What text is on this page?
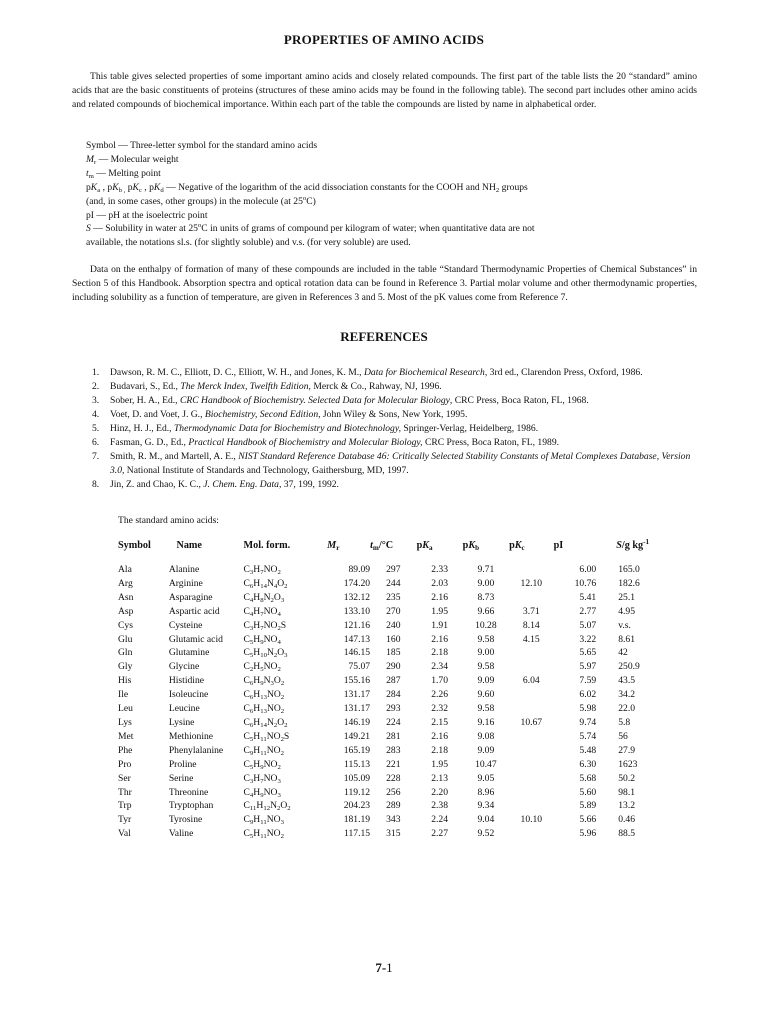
PROPERTIES OF AMINO ACIDS

This table gives selected properties of some important amino acids and closely related compounds. The first part of the table lists the 20 “standard” amino acids that are the basic constituents of proteins (structures of these amino acids may be found in the following table). The second part includes other amino acids and related compounds of biochemical importance. Within each part of the table the compounds are listed by name in alphabetical order.

Symbol — Three-letter symbol for the standard amino acids
$M_r$ — Molecular weight
$t_m$ — Melting point
$pK_a$ , $pK_{b ,}$ $pK_c$ , $pK_d$ — Negative of the logarithm of the acid dissociation constants for the COOH and $NH_2$ groups
(and, in some cases, other groups) in the molecule (at 25$^o$C)
pI — pH at the isoelectric point
S — Solubility in water at 25$^o$C in units of grams of compound per kilogram of water; when quantitative data are not
available, the notations sl.s. (for slightly soluble) and v.s. (for very soluble) are used.

Data on the enthalpy of formation of many of these compounds are included in the table “Standard Thermodynamic Properties of Chemical Substances” in Section 5 of this Handbook. Absorption spectra and optical rotation data can be found in Reference 3. Partial molar volume and other thermodynamic properties, including solubility as a function of temperature, are given in References 3 and 5. Most of the pK values come from Reference 7.

REFERENCES
1. Dawson, R. M. C., Elliott, D. C., Elliott, W. H., and Jones, K. M., Data for Biochemical Research, 3rd ed., Clarendon Press, Oxford, 1986.
2. Budavari, S., Ed., The Merck Index, Twelfth Edition, Merck & Co., Rahway, NJ, 1996.
3. Sober, H. A., Ed., CRC Handbook of Biochemistry. Selected Data for Molecular Biology, CRC Press, Boca Raton, FL, 1968.
4. Voet, D. and Voet, J. G., Biochemistry, Second Edition, John Wiley & Sons, New York, 1995.
5. Hinz, H. J., Ed., Thermodynamic Data for Biochemistry and Biotechnology, Springer-Verlag, Heidelberg, 1986.
6. Fasman, G. D., Ed., Practical Handbook of Biochemistry and Molecular Biology, CRC Press, Boca Raton, FL, 1989.
7. Smith, R. M., and Martell, A. E., NIST Standard Reference Database 46: Critically Selected Stability Constants of Metal Complexes Database, Version 3.0, National Institute of Standards and Technology, Gaithersburg, MD, 1997.
8. Jin, Z. and Chao, K. C., J. Chem. Eng. Data, 37, 199, 1992.
The standard amino acids:
Symbol	Name	Mol. form.	$M_r$	$t_m/^\circ C$	$pK_a$	$pK_b$	$pK_c$	pI	S/g $kg^{-1}$
Ala	Alanine	$C_3H_7NO_2$	89.09	297	2.33	9.71		6.00	165.0
Arg	Arginine	$C_6H_{14}N_4O_2$	174.20	244	2.03	9.00	12.10	10.76	182.6
Asn	Asparagine	$C_4H_8N_2O_3$	132.12	235	2.16	8.73		5.41	25.1
Asp	Aspartic acid	$C_4H_7NO_4$	133.10	270	1.95	9.66	3.71	2.77	4.95
Cys	Cysteine	$C_3H_7NO_2S$	121.16	240	1.91	10.28	8.14	5.07	v.s.
Glu	Glutamic acid	$C_5H_9NO_4$	147.13	160	2.16	9.58	4.15	3.22	8.61
Gln	Glutamine	$C_5H_{10}N_2O_3$	146.15	185	2.18	9.00		5.65	42
Gly	Glycine	$C_2H_5NO_2$	75.07	290	2.34	9.58		5.97	250.9
His	Histidine	$C_6H_9N_3O_2$	155.16	287	1.70	9.09	6.04	7.59	43.5
Ile	Isoleucine	$C_6H_{13}NO_2$	131.17	284	2.26	9.60		6.02	34.2
Leu	Leucine	$C_6H_{13}NO_2$	131.17	293	2.32	9.58		5.98	22.0
Lys	Lysine	$C_6H_{14}N_2O_2$	146.19	224	2.15	9.16	10.67	9.74	5.8
Met	Methionine	$C_5H_{11}NO_2S$	149.21	281	2.16	9.08		5.74	56
Phe	Phenylalanine	$C_9H_{11}NO_2$	165.19	283	2.18	9.09		5.48	27.9
Pro	Proline	$C_5H_9NO_2$	115.13	221	1.95	10.47		6.30	1623
Ser	Serine	$C_3H_7NO_3$	105.09	228	2.13	9.05		5.68	50.2
Thr	Threonine	$C_4H_9NO_3$	119.12	256	2.20	8.96		5.60	98.1
Trp	Tryptophan	$C_{11}H_{12}N_2O_2$	204.23	289	2.38	9.34		5.89	13.2
Tyr	Tyrosine	$C_9H_{11}NO_3$	181.19	343	2.24	9.04	10.10	5.66	0.46
Val	Valine	$C_5H_{11}NO_2$	117.15	315	2.27	9.52		5.96	88.5
7-1
